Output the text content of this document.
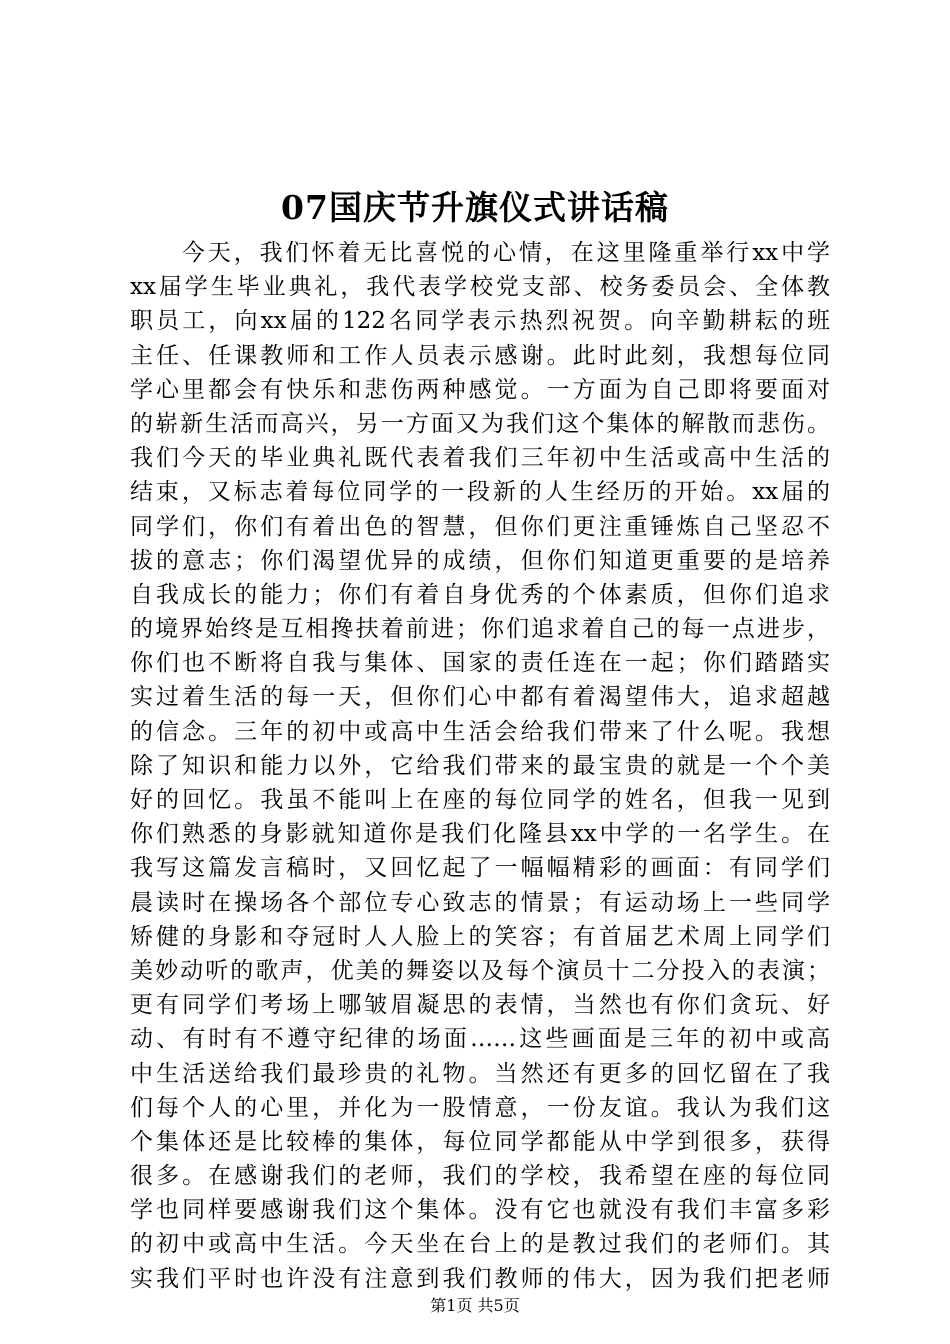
07国庆节升旗仪式讲话稿
　　今天，我们怀着无比喜悦的心情，在这里隆重举行xx中学
xx届学生毕业典礼，我代表学校党支部、校务委员会、全体教
职员工，向xx届的122名同学表示热烈祝贺。向辛勤耕耘的班
主任、任课教师和工作人员表示感谢。此时此刻，我想每位同
学心里都会有快乐和悲伤两种感觉。一方面为自己即将要面对
的崭新生活而高兴，另一方面又为我们这个集体的解散而悲伤。
我们今天的毕业典礼既代表着我们三年初中生活或高中生活的
结束，又标志着每位同学的一段新的人生经历的开始。xx届的
同学们，你们有着出色的智慧，但你们更注重锤炼自己坚忍不
拔的意志；你们渴望优异的成绩，但你们知道更重要的是培养
自我成长的能力；你们有着自身优秀的个体素质，但你们追求
的境界始终是互相搀扶着前进；你们追求着自己的每一点进步，
你们也不断将自我与集体、国家的责任连在一起；你们踏踏实
实过着生活的每一天，但你们心中都有着渴望伟大，追求超越
的信念。三年的初中或高中生活会给我们带来了什么呢。我想
除了知识和能力以外，它给我们带来的最宝贵的就是一个个美
好的回忆。我虽不能叫上在座的每位同学的姓名，但我一见到
你们熟悉的身影就知道你是我们化隆县xx中学的一名学生。在
我写这篇发言稿时，又回忆起了一幅幅精彩的画面：有同学们
晨读时在操场各个部位专心致志的情景；有运动场上一些同学
矫健的身影和夺冠时人人脸上的笑容；有首届艺术周上同学们
美妙动听的歌声，优美的舞姿以及每个演员十二分投入的表演；
更有同学们考场上哪皱眉凝思的表情，当然也有你们贪玩、好
动、有时有不遵守纪律的场面……这些画面是三年的初中或高
中生活送给我们最珍贵的礼物。当然还有更多的回忆留在了我
们每个人的心里，并化为一股情意，一份友谊。我认为我们这
个集体还是比较棒的集体，每位同学都能从中学到很多，获得
很多。在感谢我们的老师，我们的学校，我希望在座的每位同
学也同样要感谢我们这个集体。没有它也就没有我们丰富多彩
的初中或高中生活。今天坐在台上的是教过我们的老师们。其
实我们平时也许没有注意到我们教师的伟大，因为我们把老师
第1页 共5页
